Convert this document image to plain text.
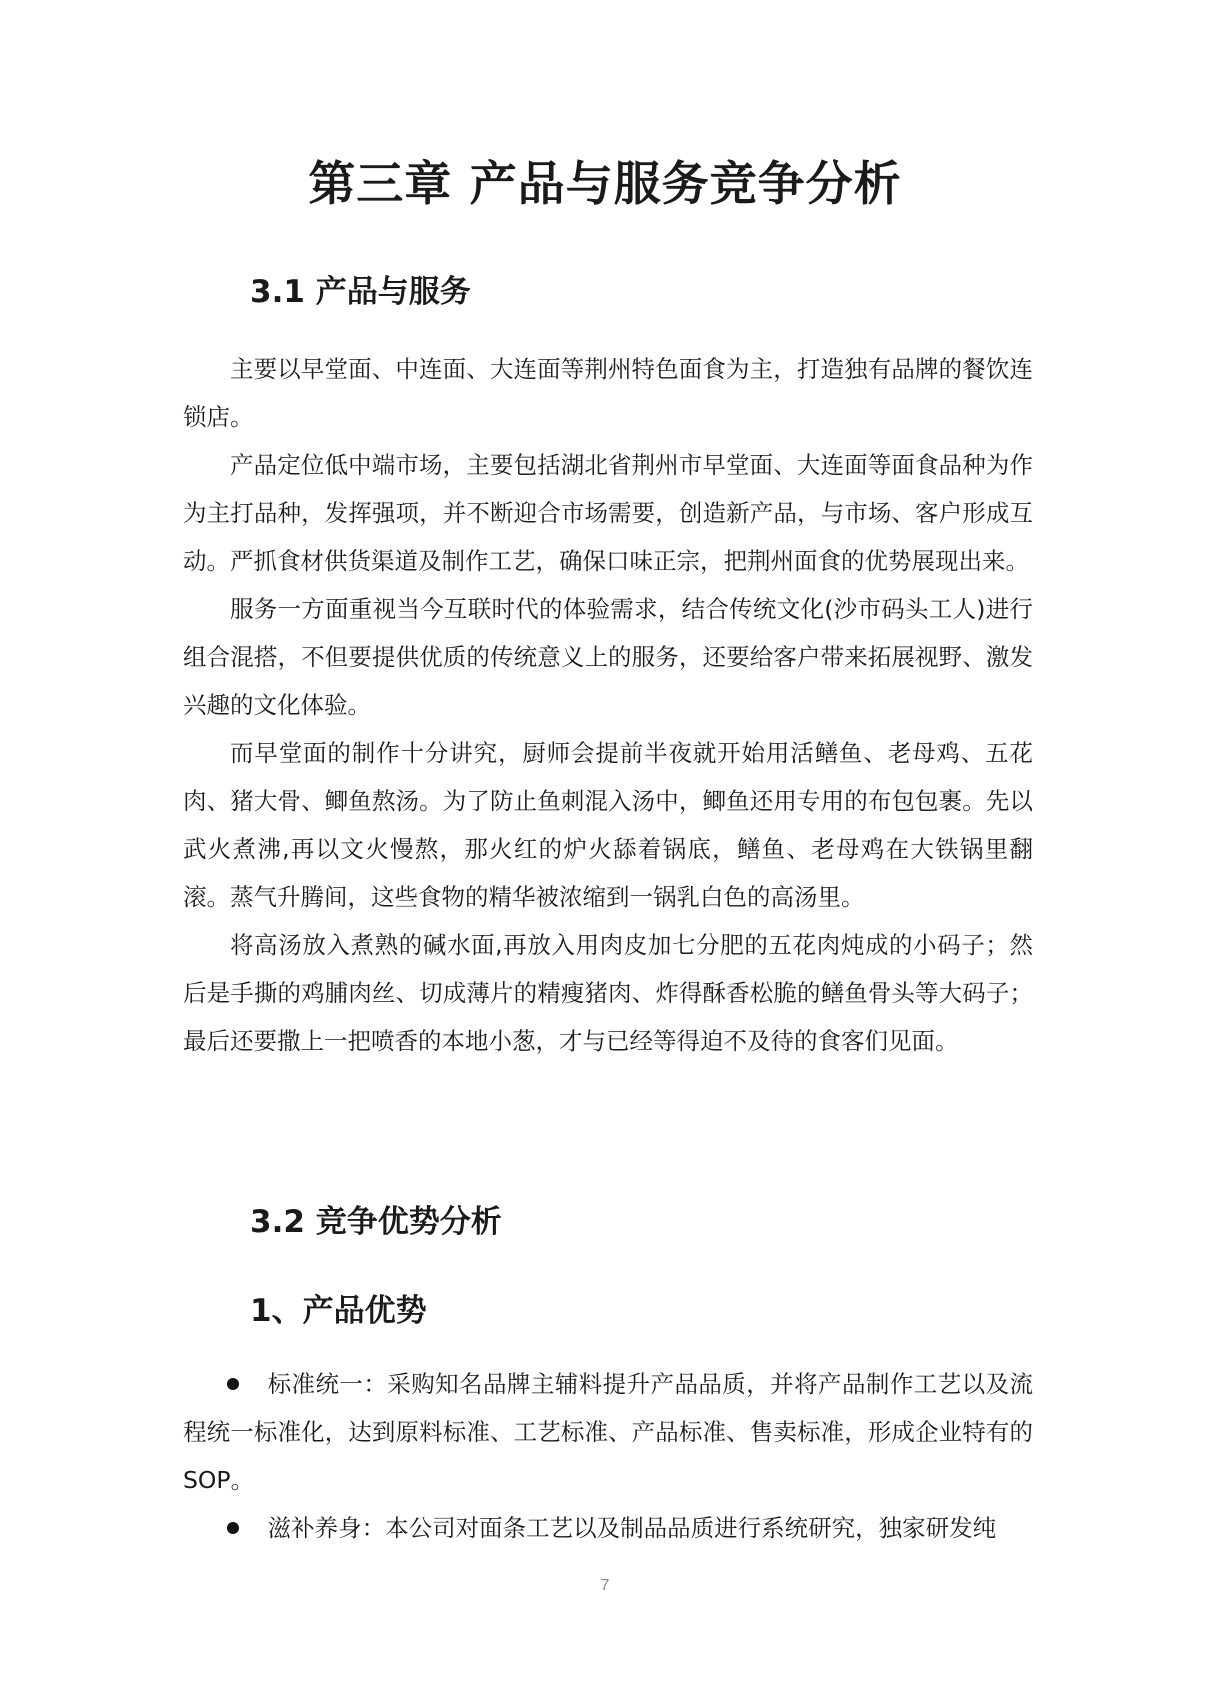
第三章 产品与服务竞争分析
3.1 产品与服务

主要以早堂面、中连面、大连面等荆州特色面食为主，打造独有品牌的餐饮连锁店。

产品定位低中端市场，主要包括湖北省荆州市早堂面、大连面等面食品种为作为主打品种，发挥强项，并不断迎合市场需要，创造新产品，与市场、客户形成互动。严抓食材供货渠道及制作工艺，确保口味正宗，把荆州面食的优势展现出来。

服务一方面重视当今互联时代的体验需求，结合传统文化(沙市码头工人)进行组合混搭，不但要提供优质的传统意义上的服务，还要给客户带来拓展视野、激发兴趣的文化体验。

而早堂面的制作十分讲究，厨师会提前半夜就开始用活鳝鱼、老母鸡、五花肉、猪大骨、鲫鱼熬汤。为了防止鱼刺混入汤中，鲫鱼还用专用的布包包裹。先以武火煮沸,再以文火慢熬，那火红的炉火舔着锅底，鳝鱼、老母鸡在大铁锅里翻滚。蒸气升腾间，这些食物的精华被浓缩到一锅乳白色的高汤里。

将高汤放入煮熟的碱水面,再放入用肉皮加七分肥的五花肉炖成的小码子；然后是手撕的鸡脯肉丝、切成薄片的精瘦猪肉、炸得酥香松脆的鳝鱼骨头等大码子；最后还要撒上一把喷香的本地小葱，才与已经等得迫不及待的食客们见面。

3.2 竞争优势分析
1、产品优势
标准统一：采购知名品牌主辅料提升产品品质，并将产品制作工艺以及流程统一标准化，达到原料标准、工艺标准、产品标准、售卖标准，形成企业特有的 SOP。
滋补养身：本公司对面条工艺以及制品品质进行系统研究，独家研发纯
7
